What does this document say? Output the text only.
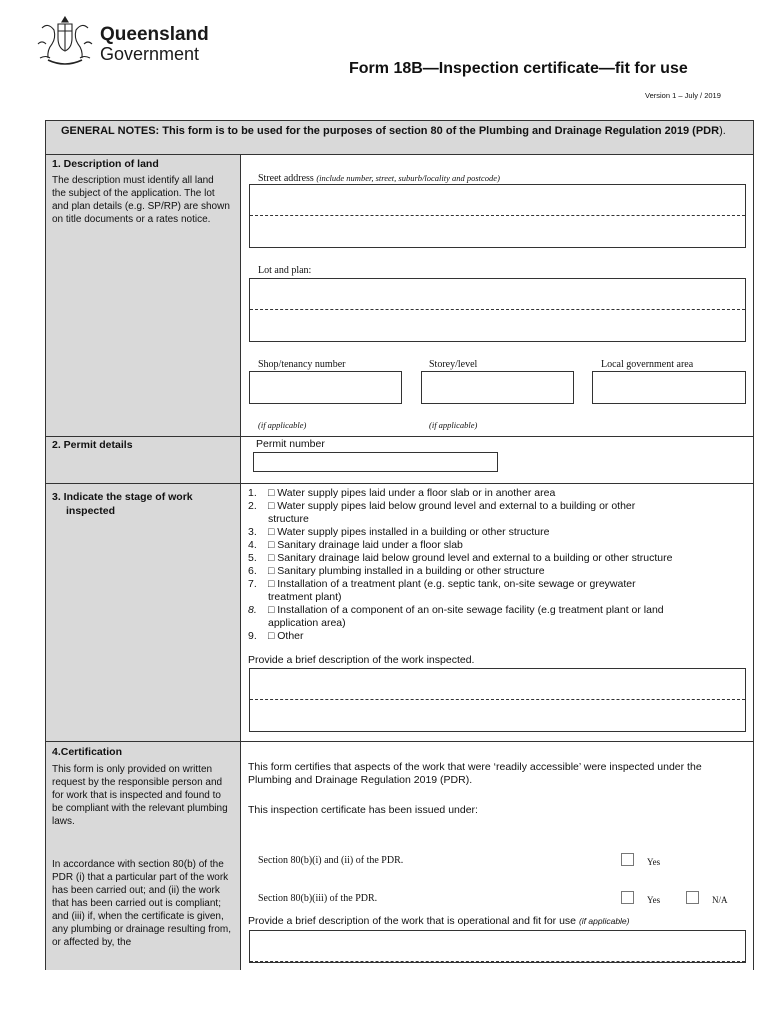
Queensland
Government
Form 18B—Inspection certificate—fit for use
Version 1 – July / 2019
GENERAL NOTES: This form is to be used for the purposes of section 80 of the Plumbing and Drainage Regulation 2019 (PDR).
1. Description of land
The description must identify all land the subject of the application. The lot and plan details (e.g. SP/RP) are shown on title documents or a rates notice.
Street address (include number, street, suburb/locality and postcode)
Lot and plan:
Shop/tenancy number	Storey/level	Local government area
(if applicable)	(if applicable)
2. Permit details	Permit number
3. Indicate the stage of work
inspected
1. □ Water supply pipes laid under a floor slab or in another area
2. □ Water supply pipes laid below ground level and external to a building or other
structure
3. □ Water supply pipes installed in a building or other structure
4. □ Sanitary drainage laid under a floor slab
5. □ Sanitary drainage laid below ground level and external to a building or other structure
6. □ Sanitary plumbing installed in a building or other structure
7. □ Installation of a treatment plant (e.g. septic tank, on-site sewage or greywater
treatment plant)
8. □ Installation of a component of an on-site sewage facility (e.g treatment plant or land
application area)
9. □ Other
Provide a brief description of the work inspected.
4.Certification
This form is only provided on written request by the responsible person and for work that is inspected and found to be compliant with the relevant plumbing laws.
In accordance with section 80(b) of the PDR (i) that a particular part of the work has been carried out; and (ii) the work that has been carried out is compliant; and (iii) if, when the certificate is given, any plumbing or drainage resulting from, or affected by, the
This form certifies that aspects of the work that were ‘readily accessible’ were inspected under the Plumbing and Drainage Regulation 2019 (PDR).
This inspection certificate has been issued under:
Section 80(b)(i) and (ii) of the PDR.	Yes
Section 80(b)(iii) of the PDR.	Yes	N/A
Provide a brief description of the work that is operational and fit for use (if applicable)
